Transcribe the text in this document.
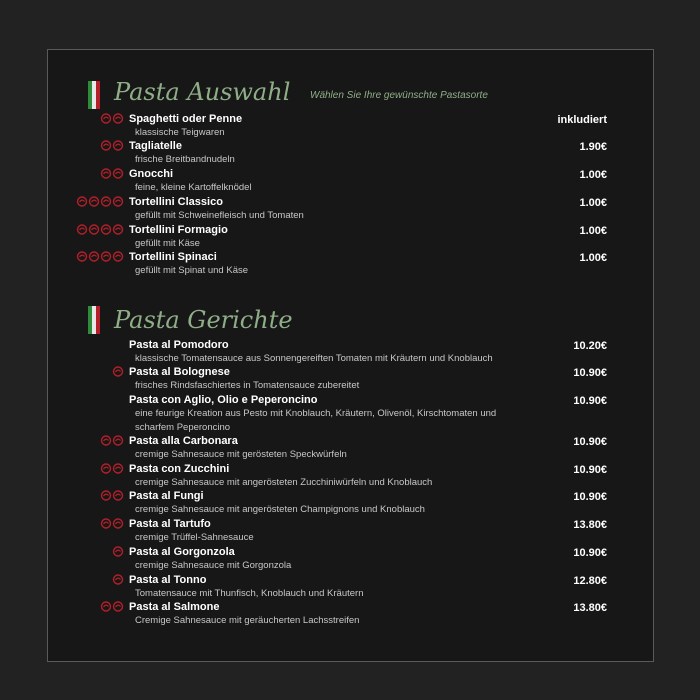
Pasta Auswahl Wählen Sie Ihre gewünschte Pastasorte
Spaghetti oder Penne
klassische Teigwaren
inkludiert
Tagliatelle
frische Breitbandnudeln
1.90€
Gnocchi
feine, kleine Kartoffelknödel
1.00€
Tortellini Classico
gefüllt mit Schweinefleisch und Tomaten
1.00€
Tortellini Formagio
gefüllt mit Käse
1.00€
Tortellini Spinaci
gefüllt mit Spinat und Käse
1.00€
Pasta Gerichte
Pasta al Pomodoro
klassische Tomatensauce aus Sonnengereiften Tomaten mit Kräutern und Knoblauch
10.20€
Pasta al Bolognese
frisches Rindsfaschiertes in Tomatensauce zubereitet
10.90€
Pasta con Aglio, Olio e Peperoncino
eine feurige Kreation aus Pesto mit Knoblauch, Kräutern, Olivenöl, Kirschtomaten und scharfem Peperoncino
10.90€
Pasta alla Carbonara
cremige Sahnesauce mit gerösteten Speckwürfeln
10.90€
Pasta con Zucchini
cremige Sahnesauce mit angerösteten Zucchiniwürfeln und Knoblauch
10.90€
Pasta al Fungi
cremige Sahnesauce mit angerösteten Champignons und Knoblauch
10.90€
Pasta al Tartufo
cremige Trüffel-Sahnesauce
13.80€
Pasta al Gorgonzola
cremige Sahnesauce mit Gorgonzola
10.90€
Pasta al Tonno
Tomatensauce mit Thunfisch, Knoblauch und Kräutern
12.80€
Pasta al Salmone
Cremige Sahnesauce mit geräucherten Lachsstreifen
13.80€
